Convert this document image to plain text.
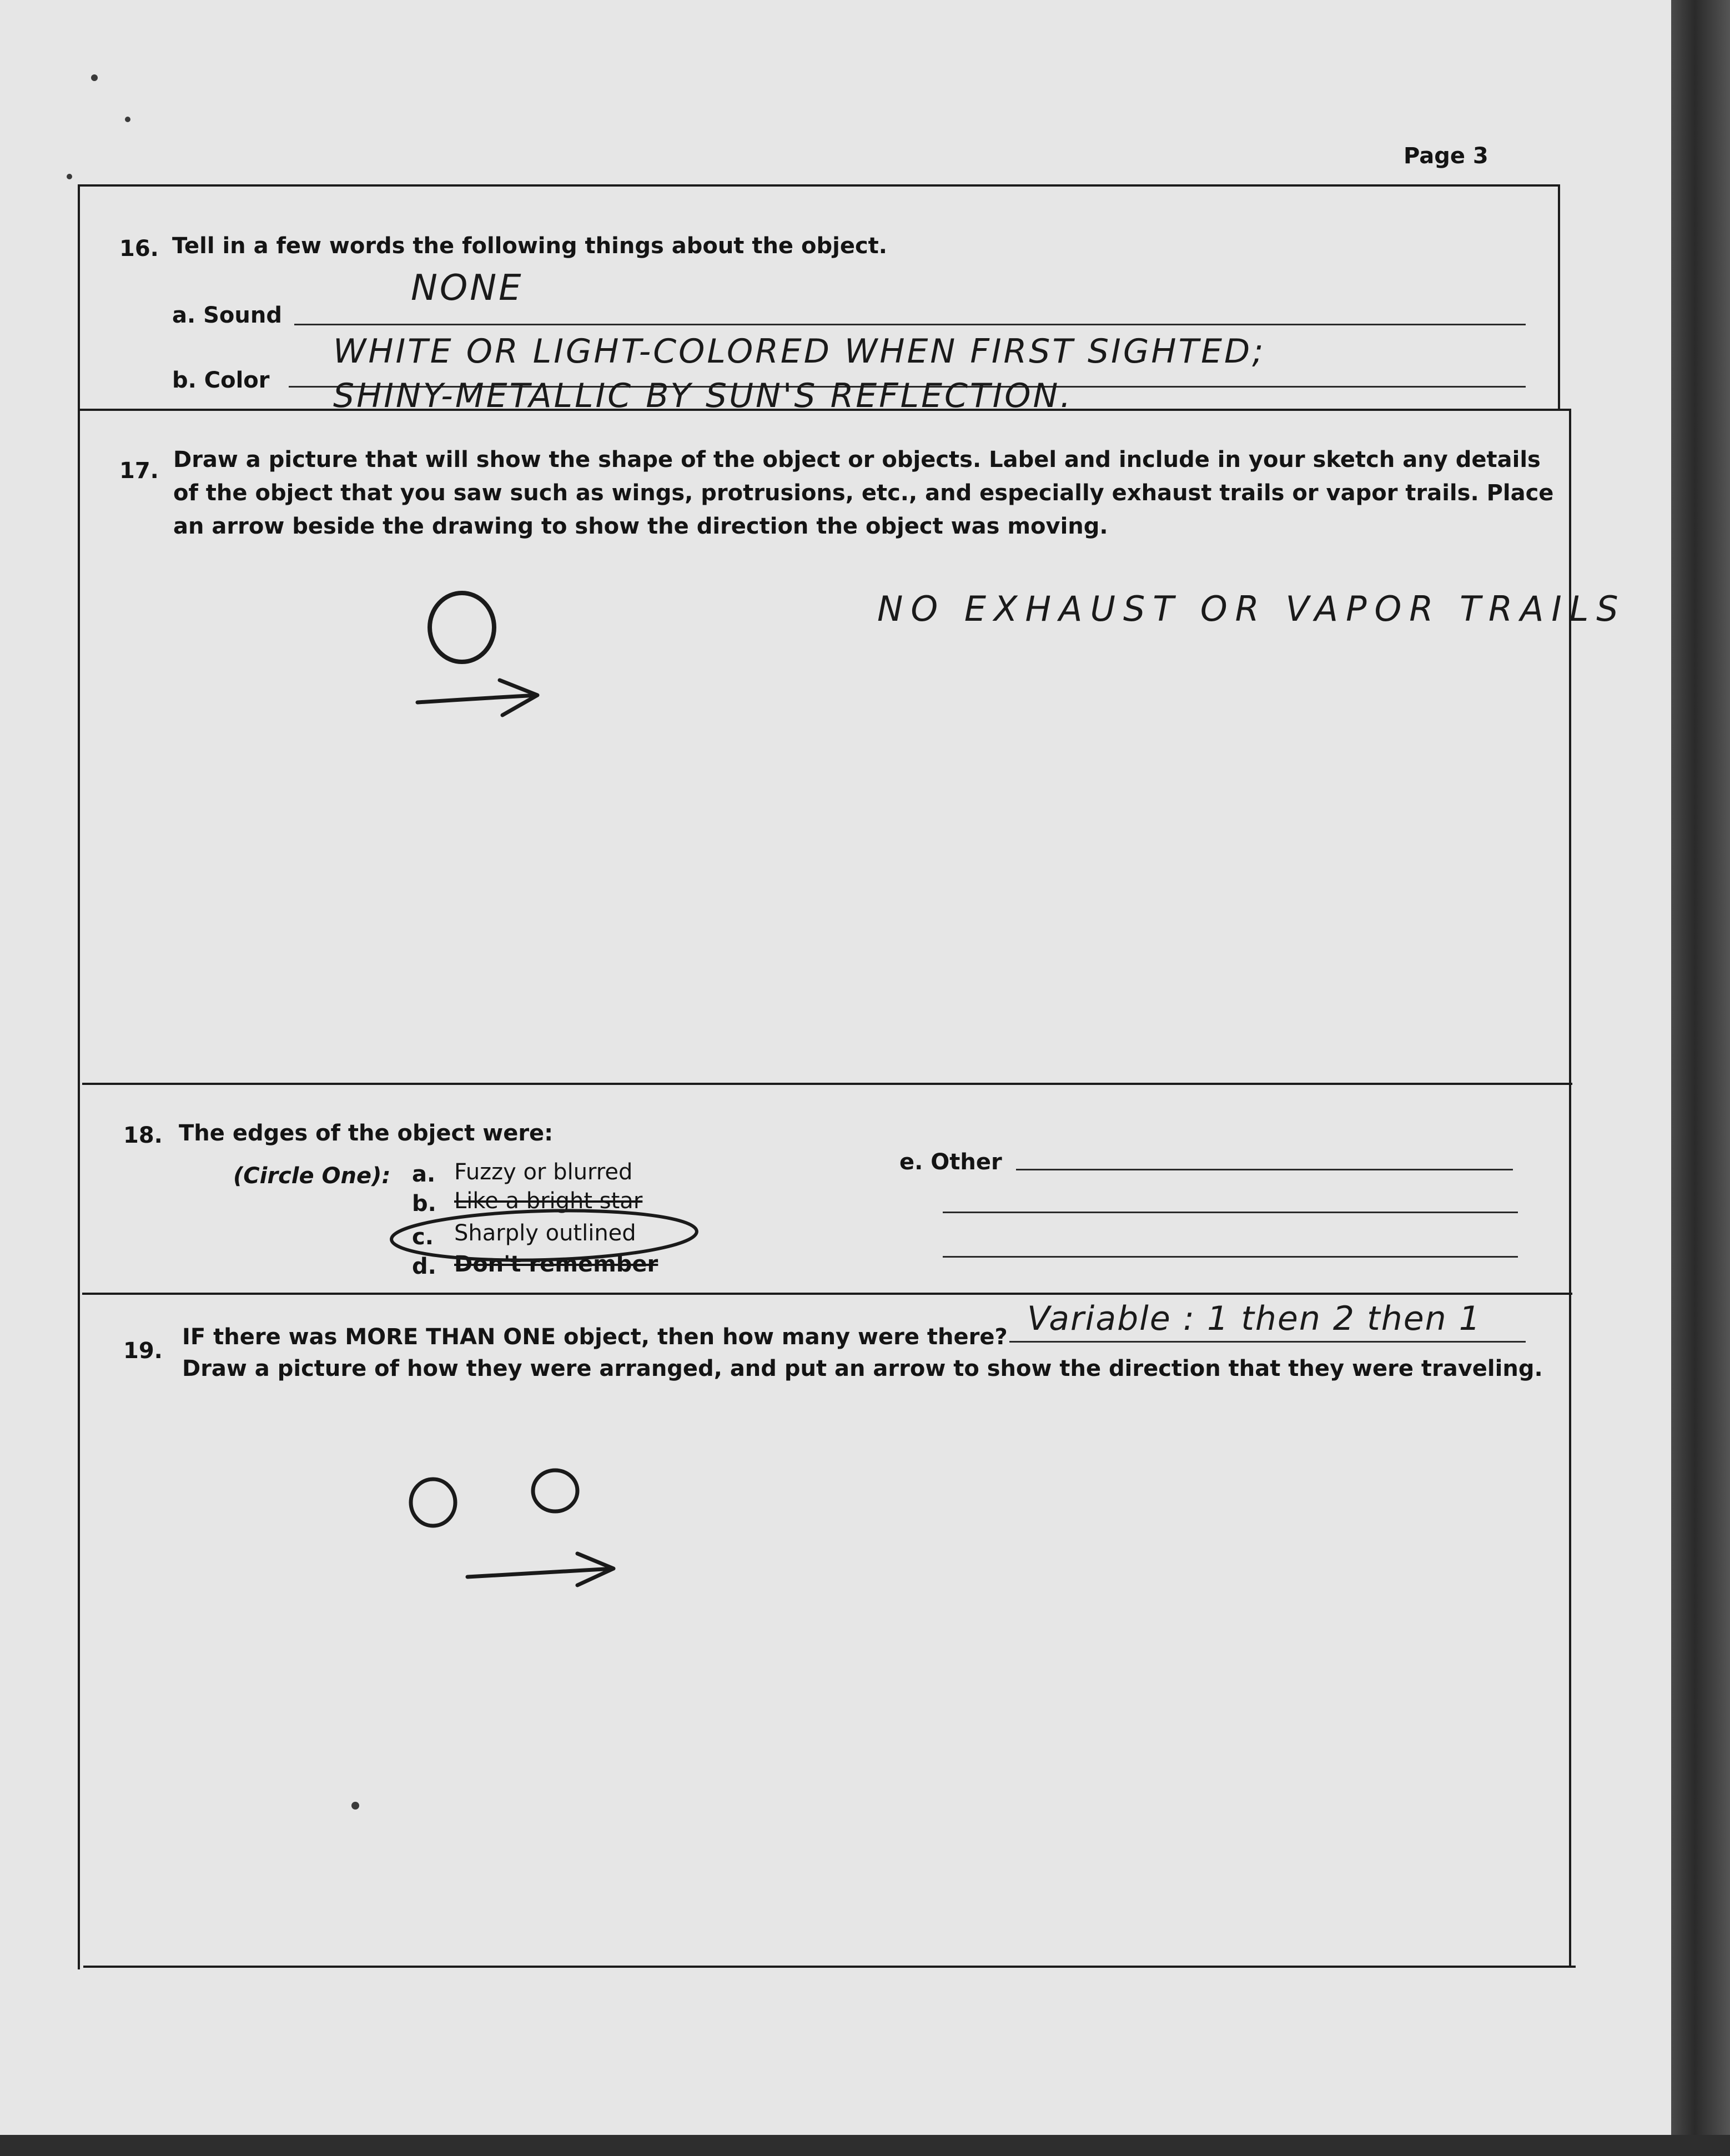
Page 3
16. Tell in a few words the following things about the object.
a. Sound
NONE
b. Color
WHITE OR LIGHT-COLORED WHEN FIRST SIGHTED;
SHINY-METALLIC BY SUN'S REFLECTION.
17. Draw a picture that will show the shape of the object or objects. Label and include in your sketch any details
of the object that you saw such as wings, protrusions, etc., and especially exhaust trails or vapor trails. Place
an arrow beside the drawing to show the direction the object was moving.
NO EXHAUST OR VAPOR TRAILS
18. The edges of the object were:
(Circle One): a. Fuzzy or blurred
b. Like a bright star
c. Sharply outlined
d. Don't remember
e. Other
19.
IF there was MORE THAN ONE object, then how many were there? Variable : 1 then 2 then 1
Draw a picture of how they were arranged, and put an arrow to show the direction that they were traveling.
